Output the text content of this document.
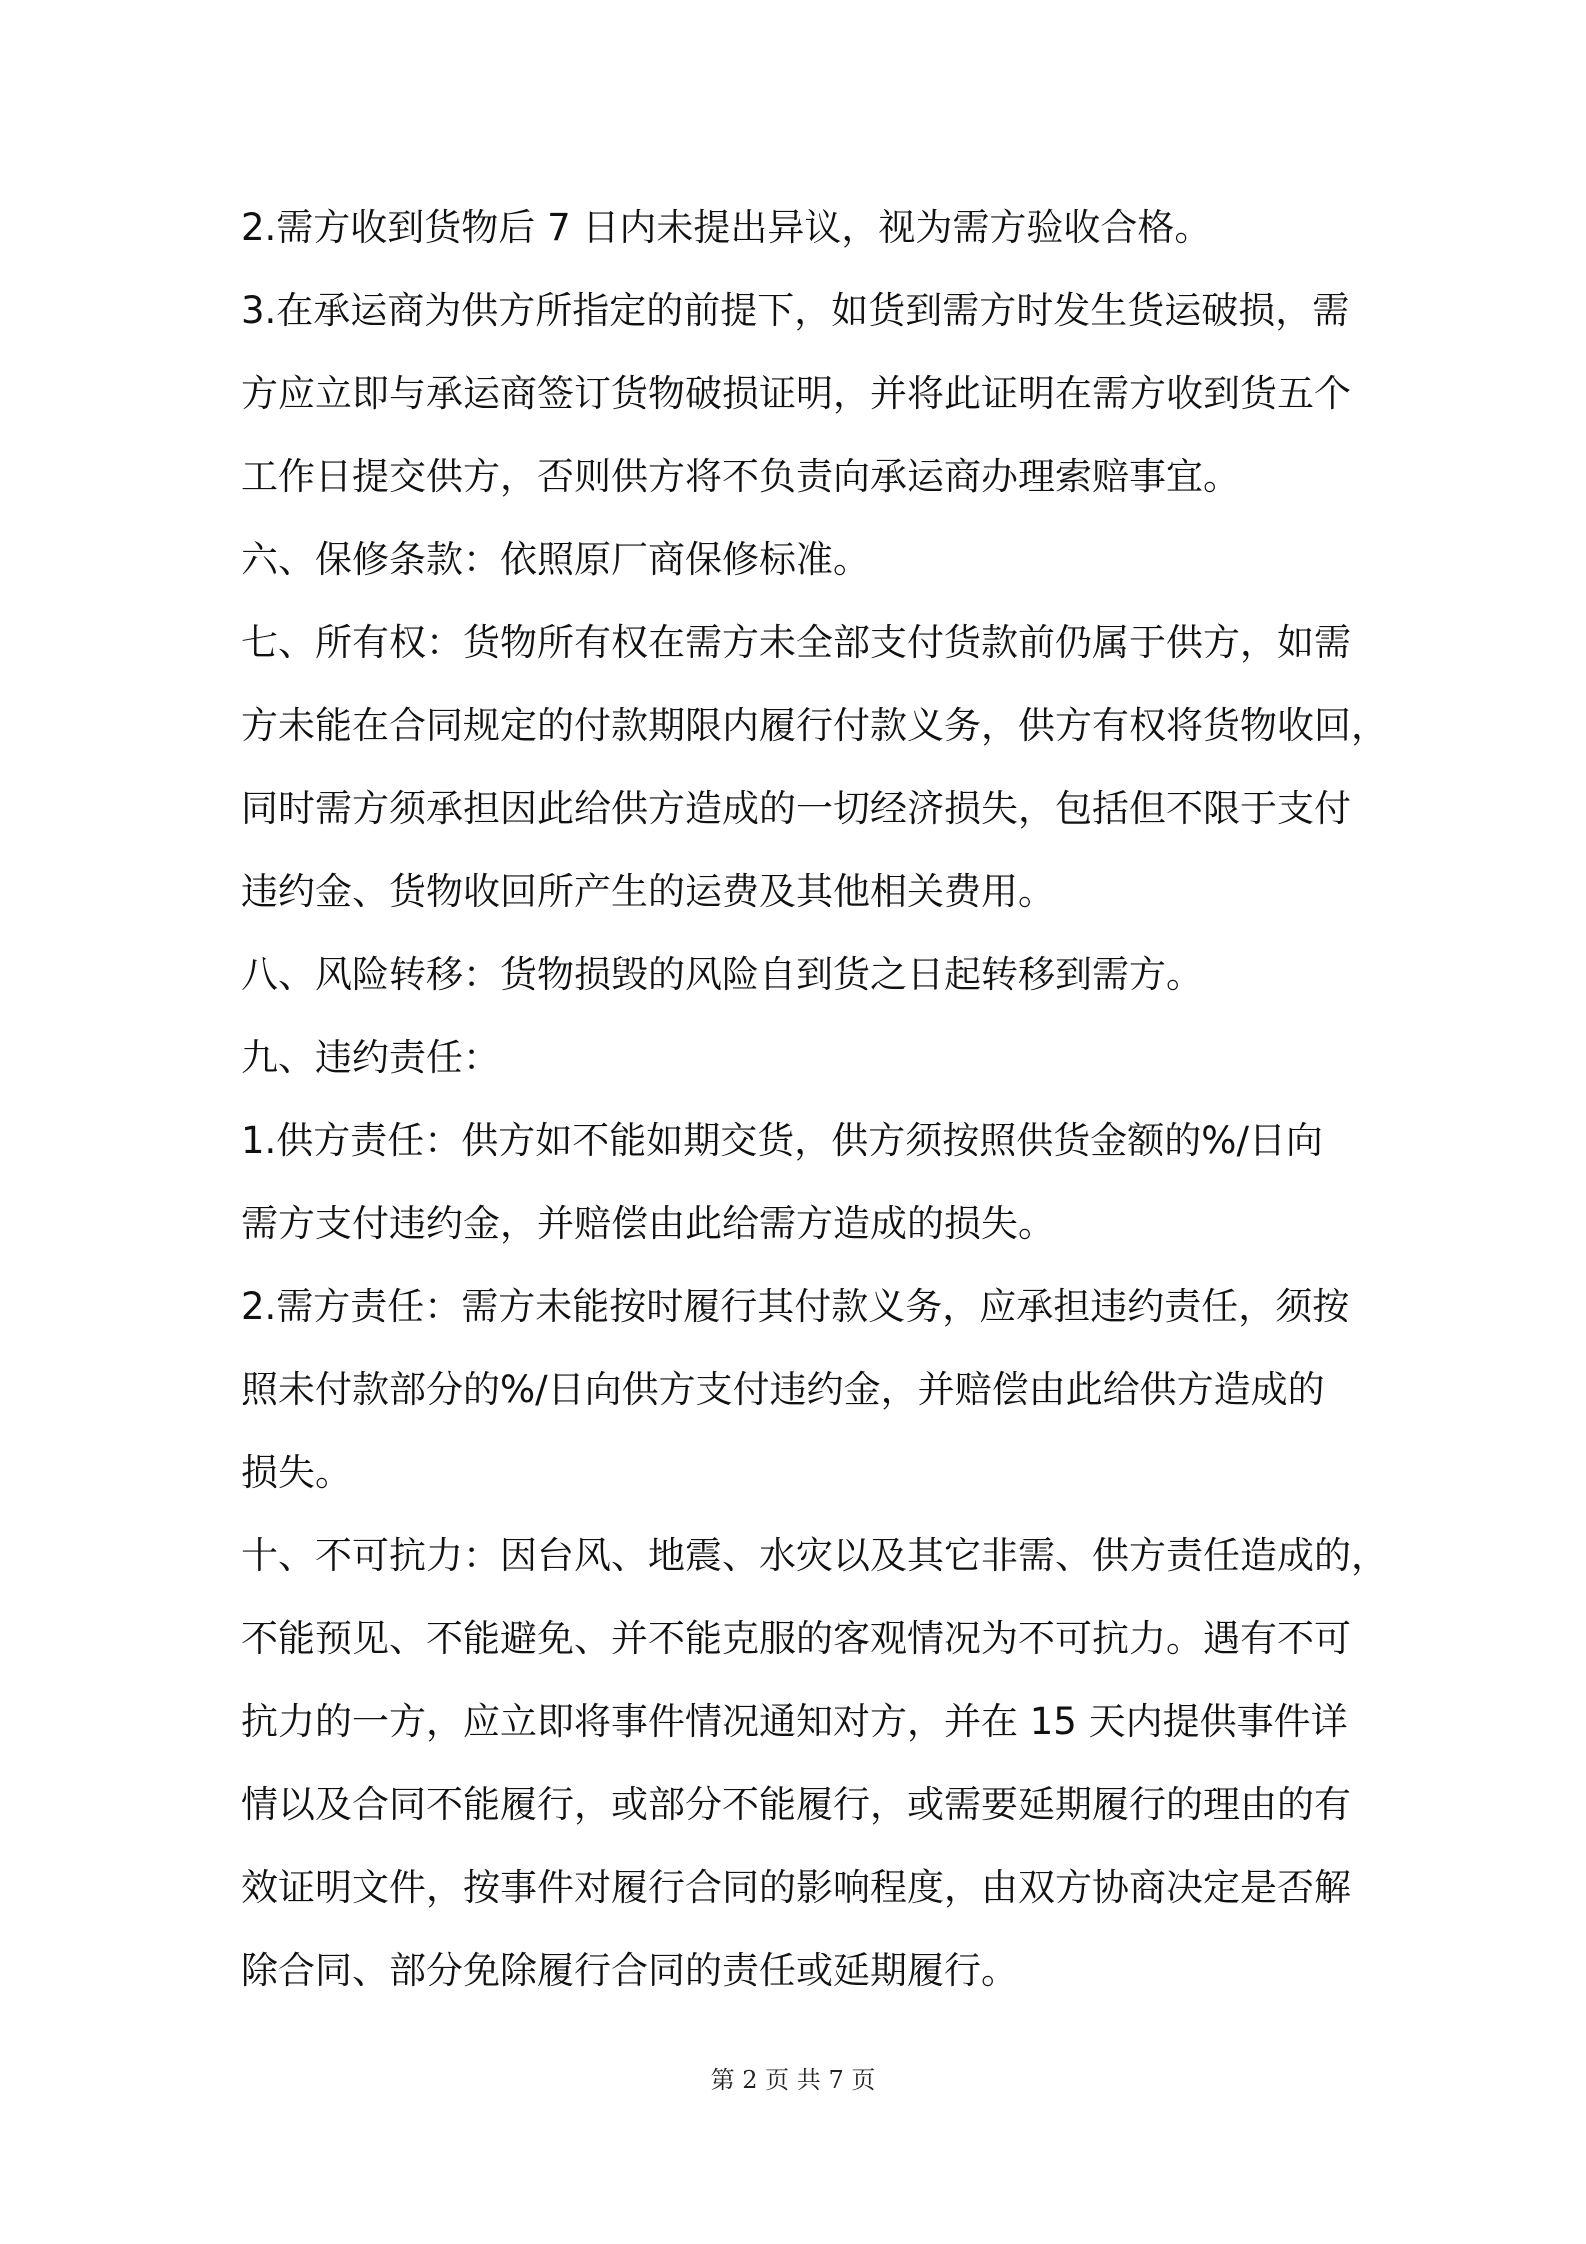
2.需方收到货物后 7 日内未提出异议，视为需方验收合格。
3.在承运商为供方所指定的前提下，如货到需方时发生货运破损，需
方应立即与承运商签订货物破损证明，并将此证明在需方收到货五个
工作日提交供方，否则供方将不负责向承运商办理索赔事宜。
六、保修条款：依照原厂商保修标准。
七、所有权：货物所有权在需方未全部支付货款前仍属于供方，如需
方未能在合同规定的付款期限内履行付款义务，供方有权将货物收回，
同时需方须承担因此给供方造成的一切经济损失，包括但不限于支付
违约金、货物收回所产生的运费及其他相关费用。
八、风险转移：货物损毁的风险自到货之日起转移到需方。
九、违约责任：
1.供方责任：供方如不能如期交货，供方须按照供货金额的%/日向
需方支付违约金，并赔偿由此给需方造成的损失。
2.需方责任：需方未能按时履行其付款义务，应承担违约责任，须按
照未付款部分的%/日向供方支付违约金，并赔偿由此给供方造成的
损失。
十、不可抗力：因台风、地震、水灾以及其它非需、供方责任造成的，
不能预见、不能避免、并不能克服的客观情况为不可抗力。遇有不可
抗力的一方，应立即将事件情况通知对方，并在 15 天内提供事件详
情以及合同不能履行，或部分不能履行，或需要延期履行的理由的有
效证明文件，按事件对履行合同的影响程度，由双方协商决定是否解
除合同、部分免除履行合同的责任或延期履行。
第 2 页 共 7 页
